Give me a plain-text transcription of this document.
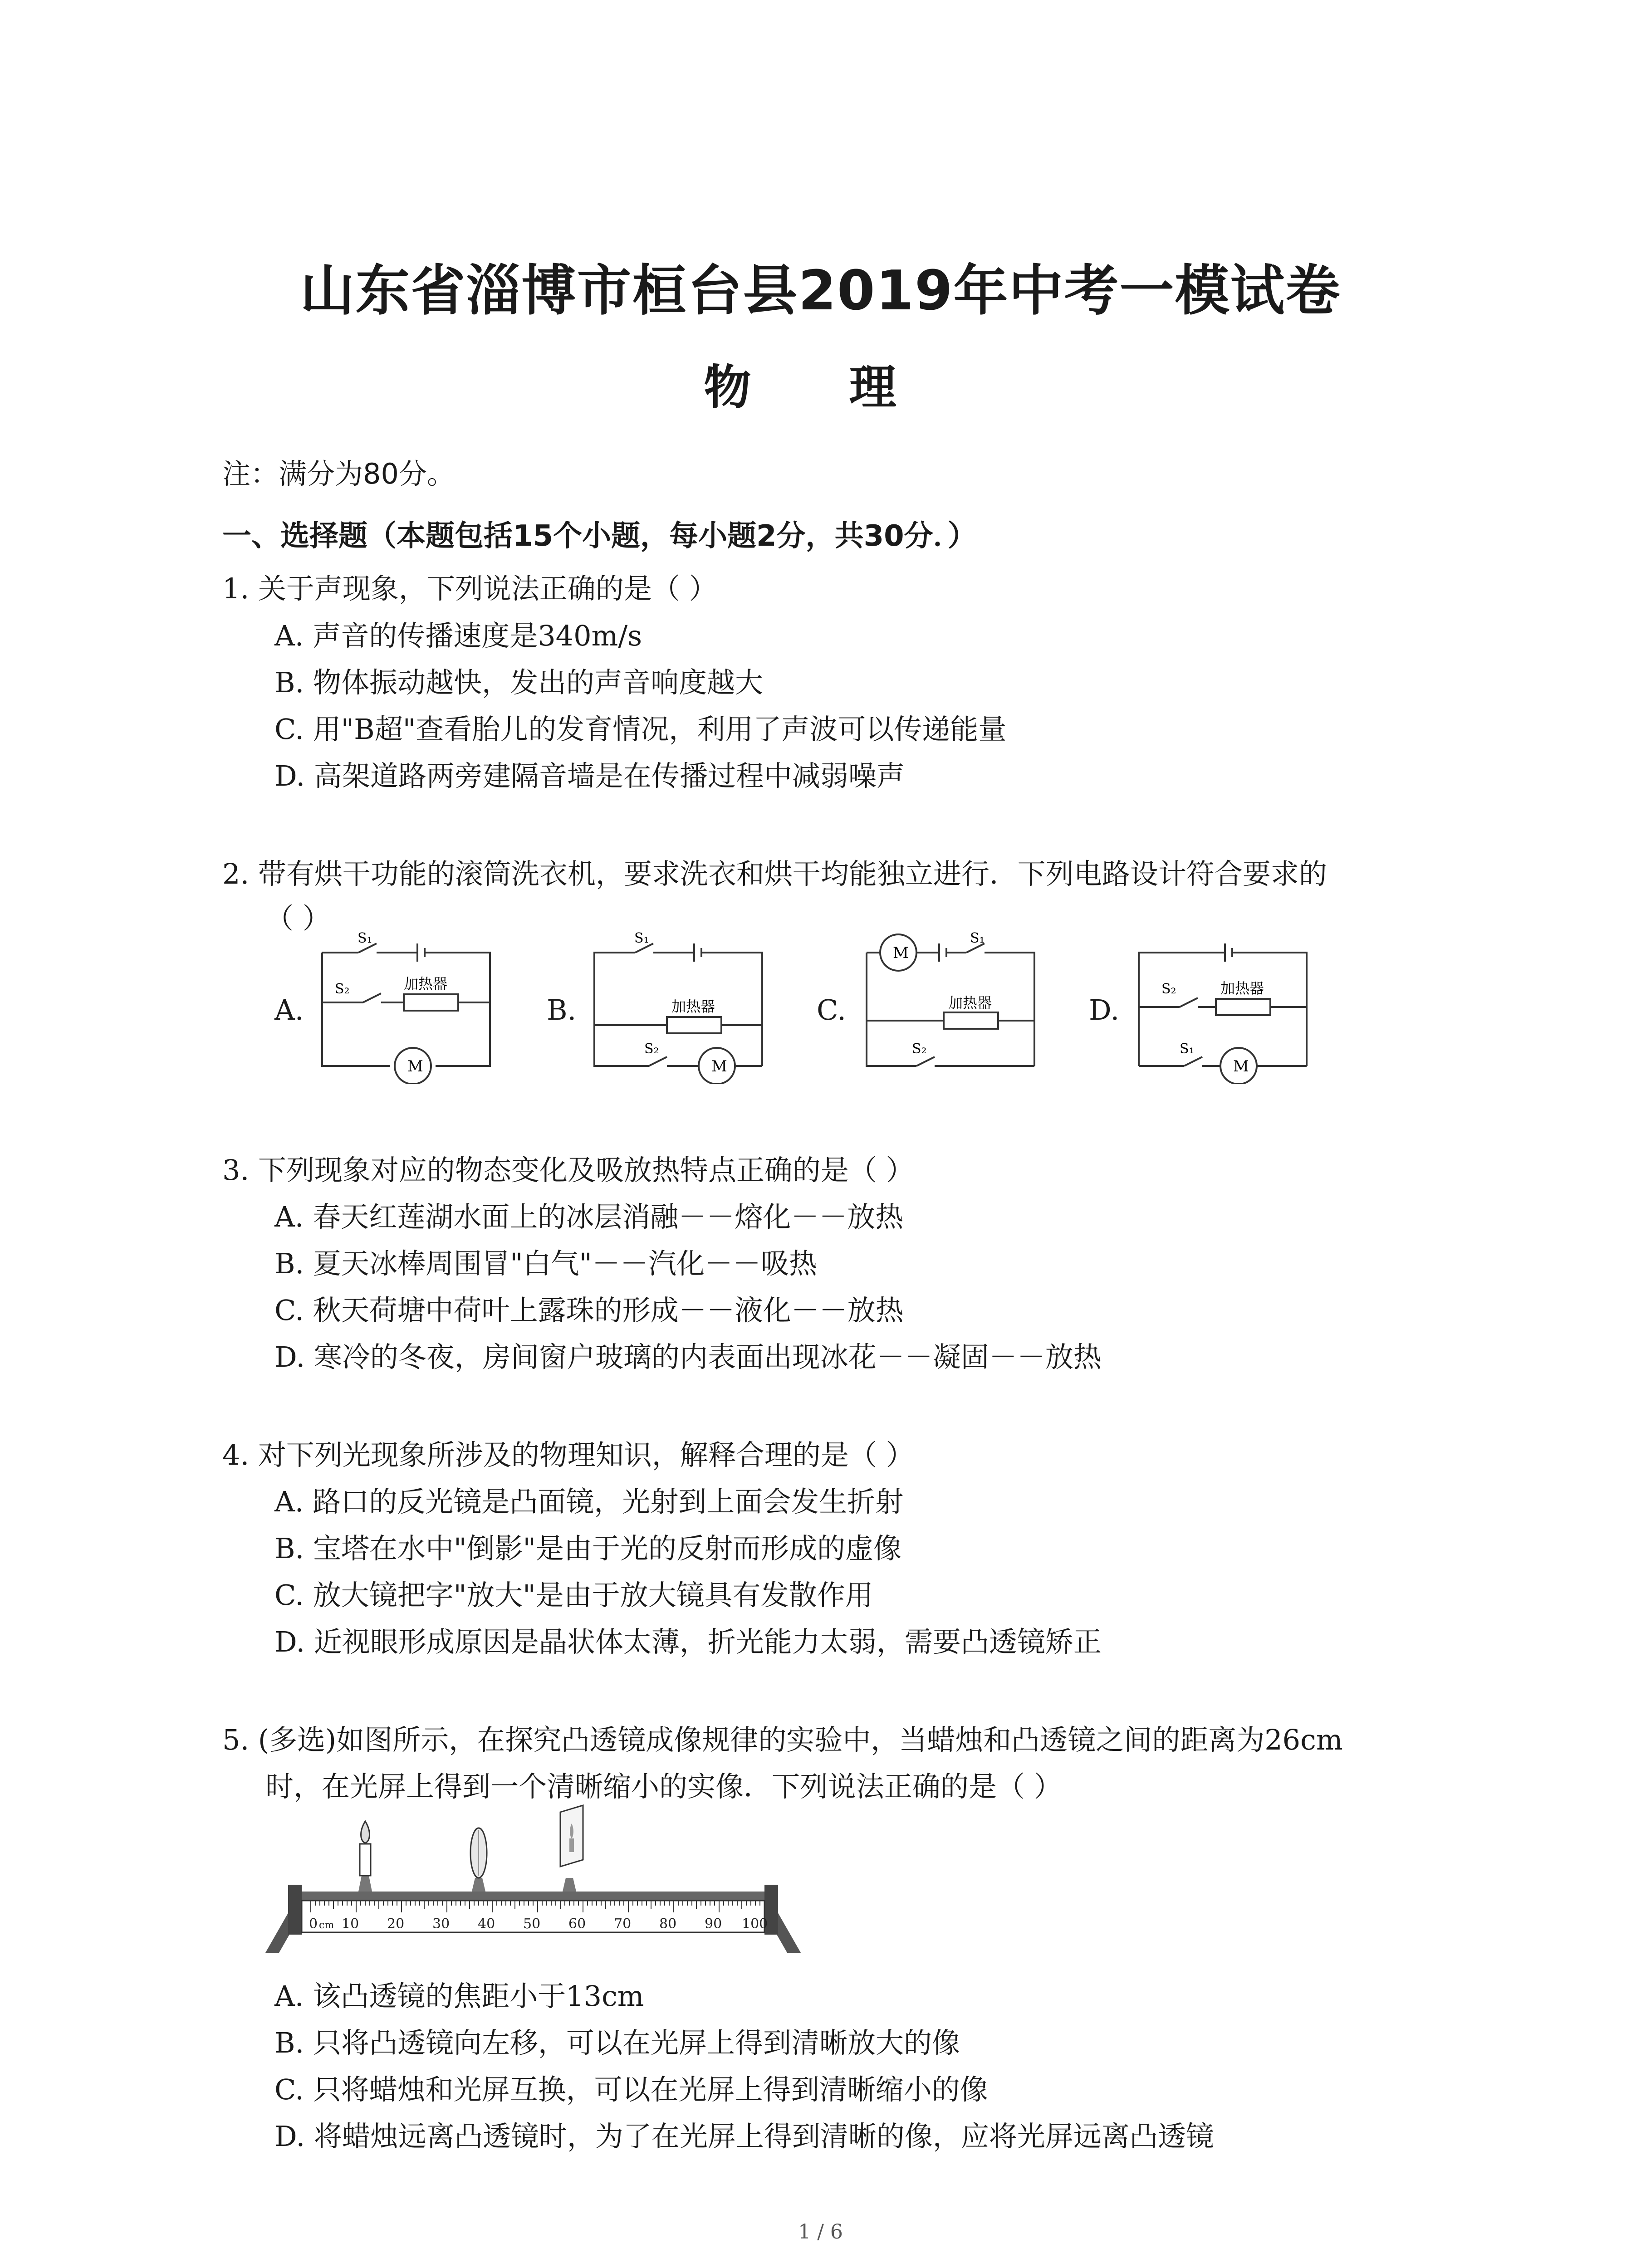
山东省淄博市桓台县2019年中考一模试卷
物 理
注：满分为80分。
一、选择题（本题包括15个小题，每小题2分，共30分．）
1. 关于声现象，下列说法正确的是（ ）
A. 声音的传播速度是340m/s
B. 物体振动越快，发出的声音响度越大
C. 用"B超"查看胎儿的发育情况，利用了声波可以传递能量
D. 高架道路两旁建隔音墙是在传播过程中减弱噪声
2. 带有烘干功能的滚筒洗衣机，要求洗衣和烘干均能独立进行．下列电路设计符合要求的
（ ）
A.	B.	C.	D.
S₁
S₂	加热器
M
S₁
S₂
加热器
M
S₁
S₂
加热器
M
S₂
S₁
加热器
M
3. 下列现象对应的物态变化及吸放热特点正确的是（ ）
A. 春天红莲湖水面上的冰层消融－－熔化－－放热
B. 夏天冰棒周围冒"白气"－－汽化－－吸热
C. 秋天荷塘中荷叶上露珠的形成－－液化－－放热
D. 寒冷的冬夜，房间窗户玻璃的内表面出现冰花－－凝固－－放热
4. 对下列光现象所涉及的物理知识，解释合理的是（ ）
A. 路口的反光镜是凸面镜，光射到上面会发生折射
B. 宝塔在水中"倒影"是由于光的反射而形成的虚像
C. 放大镜把字"放大"是由于放大镜具有发散作用
D. 近视眼形成原因是晶状体太薄，折光能力太弱，需要凸透镜矫正
5. (多选)如图所示，在探究凸透镜成像规律的实验中，当蜡烛和凸透镜之间的距离为26cm
时，在光屏上得到一个清晰缩小的实像．下列说法正确的是（ ）
0 cm 10 20 30 40 50 60 70 80 90 100
A. 该凸透镜的焦距小于13cm
B. 只将凸透镜向左移，可以在光屏上得到清晰放大的像
C. 只将蜡烛和光屏互换，可以在光屏上得到清晰缩小的像
D. 将蜡烛远离凸透镜时，为了在光屏上得到清晰的像，应将光屏远离凸透镜
1 / 6
